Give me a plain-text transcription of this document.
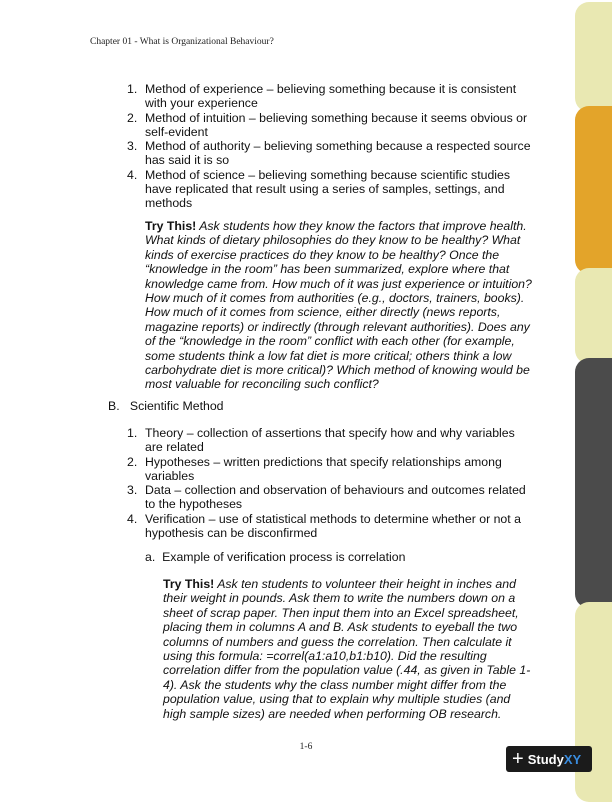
Chapter 01 - What is Organizational Behaviour?
1. Method of experience – believing something because it is consistent
with your experience
2. Method of intuition – believing something because it seems obvious or
self-evident
3. Method of authority – believing something because a respected source
has said it is so
4. Method of science – believing something because scientific studies
have replicated that result using a series of samples, settings, and
methods

Try This! Ask students how they know the factors that improve health.
What kinds of dietary philosophies do they know to be healthy? What
kinds of exercise practices do they know to be healthy? Once the
“knowledge in the room” has been summarized, explore where that
knowledge came from. How much of it was just experience or intuition?
How much of it comes from authorities (e.g., doctors, trainers, books).
How much of it comes from science, either directly (news reports,
magazine reports) or indirectly (through relevant authorities). Does any
of the “knowledge in the room” conflict with each other (for example,
some students think a low fat diet is more critical; others think a low
carbohydrate diet is more critical)? Which method of knowing would be
most valuable for reconciling such conflict?

B. Scientific Method
1. Theory – collection of assertions that specify how and why variables
are related
2. Hypotheses – written predictions that specify relationships among
variables
3. Data – collection and observation of behaviours and outcomes related
to the hypotheses
4. Verification – use of statistical methods to determine whether or not a
hypothesis can be disconfirmed
a. Example of verification process is correlation

Try This! Ask ten students to volunteer their height in inches and
their weight in pounds. Ask them to write the numbers down on a
sheet of scrap paper. Then input them into an Excel spreadsheet,
placing them in columns A and B. Ask students to eyeball the two
columns of numbers and guess the correlation. Then calculate it
using this formula: =correl(a1:a10,b1:b10). Did the resulting
correlation differ from the population value (.44, as given in Table 1-
4). Ask the students why the class number might differ from the
population value, using that to explain why multiple studies (and
high sample sizes) are needed when performing OB research.

1-6
+ Study XY
